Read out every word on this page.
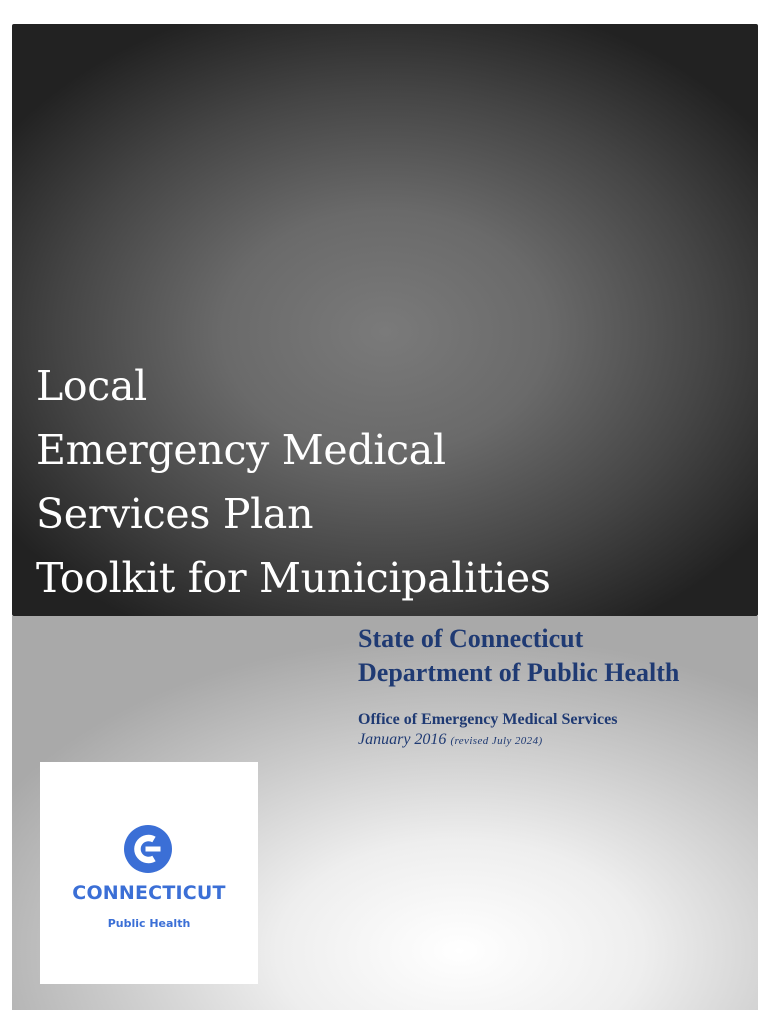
Local
Emergency Medical
Services Plan
Toolkit for Municipalities
State of Connecticut
Department of Public Health
Office of Emergency Medical Services
January 2016 (revised July 2024)
CONNECTICUT
Public Health
